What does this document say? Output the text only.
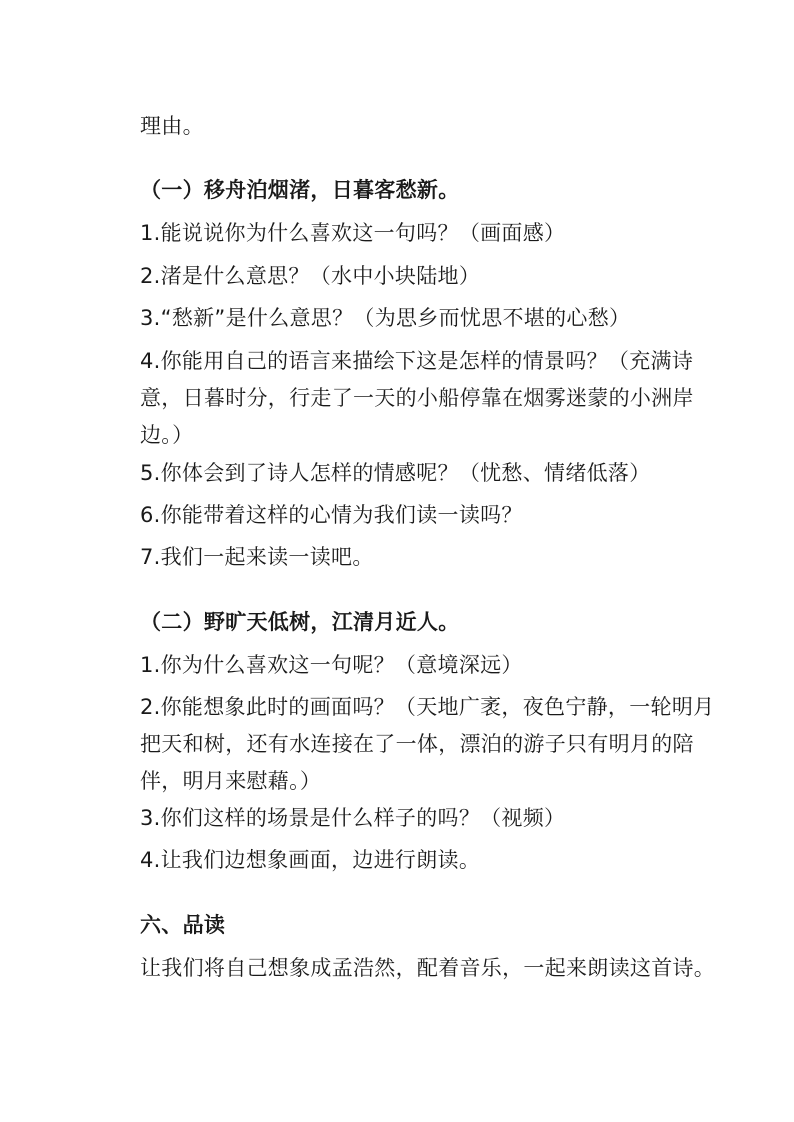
理由。

（一）移舟泊烟渚，日暮客愁新。

1.能说说你为什么喜欢这一句吗？（画面感）

2.渚是什么意思？（水中小块陆地）

3.“愁新”是什么意思？（为思乡而忧思不堪的心愁）

4.你能用自己的语言来描绘下这是怎样的情景吗？（充满诗意，日暮时分，行走了一天的小船停靠在烟雾迷蒙的小洲岸边。）

5.你体会到了诗人怎样的情感呢？（忧愁、情绪低落）

6.你能带着这样的心情为我们读一读吗？

7.我们一起来读一读吧。

（二）野旷天低树，江清月近人。

1.你为什么喜欢这一句呢？（意境深远）

2.你能想象此时的画面吗？（天地广袤，夜色宁静，一轮明月把天和树，还有水连接在了一体，漂泊的游子只有明月的陪伴，明月来慰藉。）

3.你们这样的场景是什么样子的吗？（视频）

4.让我们边想象画面，边进行朗读。

六、品读

让我们将自己想象成孟浩然，配着音乐，一起来朗读这首诗。
